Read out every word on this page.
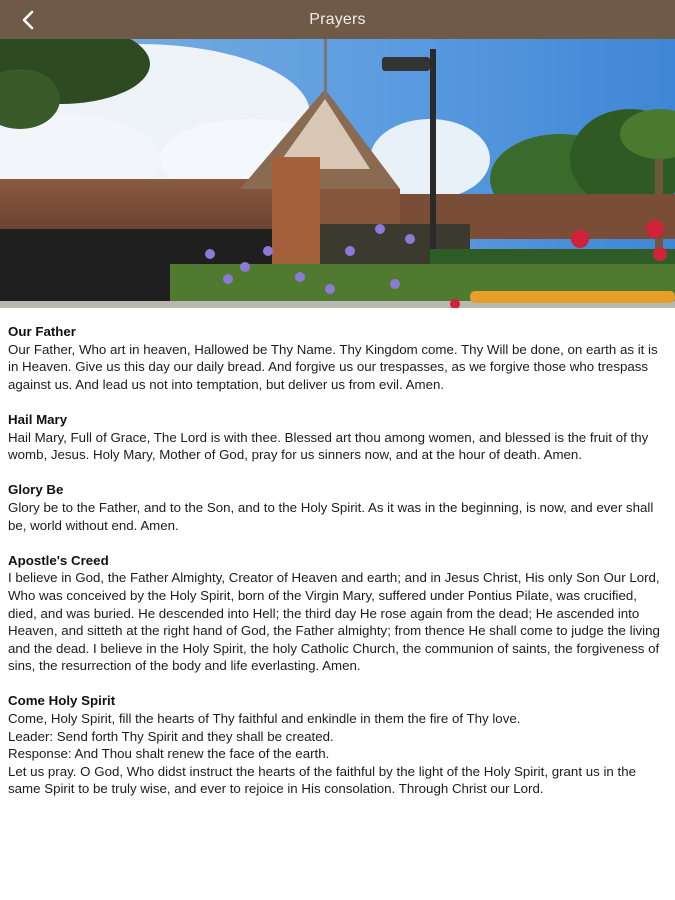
Prayers
Our Father

Our Father, Who art in heaven, Hallowed be Thy Name. Thy Kingdom come. Thy Will be done, on earth as it is in Heaven. Give us this day our daily bread. And forgive us our trespasses, as we forgive those who trespass against us. And lead us not into temptation, but deliver us from evil. Amen.

Hail Mary

Hail Mary, Full of Grace, The Lord is with thee. Blessed art thou among women, and blessed is the fruit of thy womb, Jesus. Holy Mary, Mother of God, pray for us sinners now, and at the hour of death. Amen.

Glory Be

Glory be to the Father, and to the Son, and to the Holy Spirit. As it was in the beginning, is now, and ever shall be, world without end. Amen.

Apostle's Creed

I believe in God, the Father Almighty, Creator of Heaven and earth; and in Jesus Christ, His only Son Our Lord, Who was conceived by the Holy Spirit, born of the Virgin Mary, suffered under Pontius Pilate, was crucified, died, and was buried. He descended into Hell; the third day He rose again from the dead; He ascended into Heaven, and sitteth at the right hand of God, the Father almighty; from thence He shall come to judge the living and the dead. I believe in the Holy Spirit, the holy Catholic Church, the communion of saints, the forgiveness of sins, the resurrection of the body and life everlasting. Amen.

Come Holy Spirit

Come, Holy Spirit, fill the hearts of Thy faithful and enkindle in them the fire of Thy love.

Leader: Send forth Thy Spirit and they shall be created.

Response: And Thou shalt renew the face of the earth.

Let us pray. O God, Who didst instruct the hearts of the faithful by the light of the Holy Spirit, grant us in the same Spirit to be truly wise, and ever to rejoice in His consolation. Through Christ our Lord.
